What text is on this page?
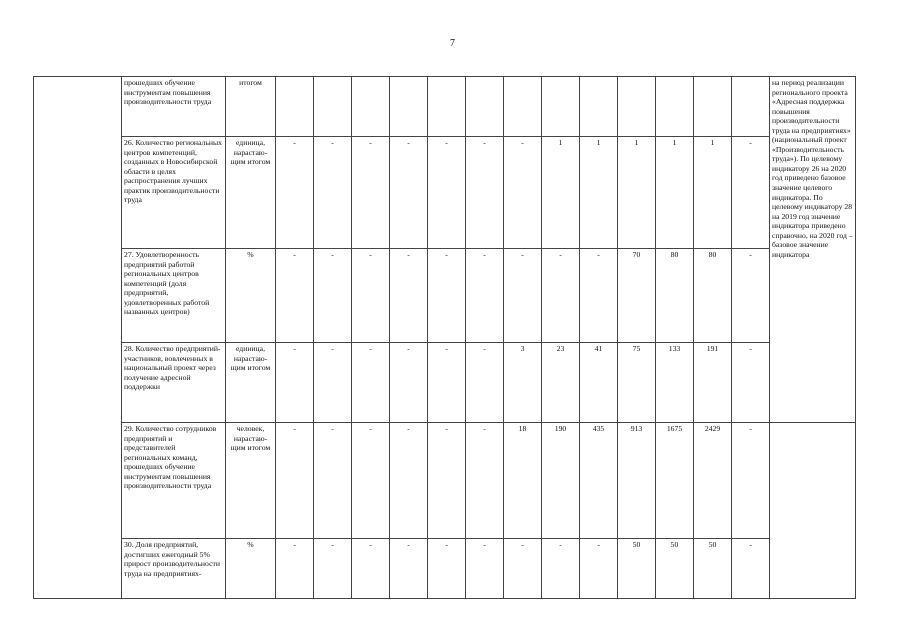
7
	прошедших обучение инструментам повышения производительности труда	итогом														на период реализации регионального проекта «Адресная поддержка повышения производительности труда на предприятиях» (национальный проект «Производительность труда»). По целевому индикатору 26 на 2020 год приведено базовое значение целевого индикатора. По целевому индикатору 28 на 2019 год значение индикатора приведено справочно, на 2020 год – базовое значение индикатора
	26. Количество региональных центров компетенций, созданных в Новосибирской области в целях распространения лучших практик производительности труда	единица, нарастаю-щим итогом	-	-	-	-	-	-	-	1	1	1	1	1	-	
	27. Удовлетворенность предприятий работой региональных центров компетенций (доля предприятий, удовлетворенных работой названных центров)	%	-	-	-	-	-	-	-	-	-	70	80	80	-	
	28. Количество предприятий-участников, вовлеченных в национальный проект через получение адресной поддержки	единица, нарастаю-щим итогом	-	-	-	-	-	-	3	23	41	75	133	191	-	
	29. Количество сотрудников предприятий и представителей региональных команд, прошедших обучение инструментам повышения производительности труда	человек, нарастаю-щим итогом	-	-	-	-	-	-	18	190	435	913	1675	2429	-	
	30. Доля предприятий, достигших ежегодный 5% прирост производительности труда на предприятиях-	%	-	-	-	-	-	-	-	-	-	50	50	50	-	
